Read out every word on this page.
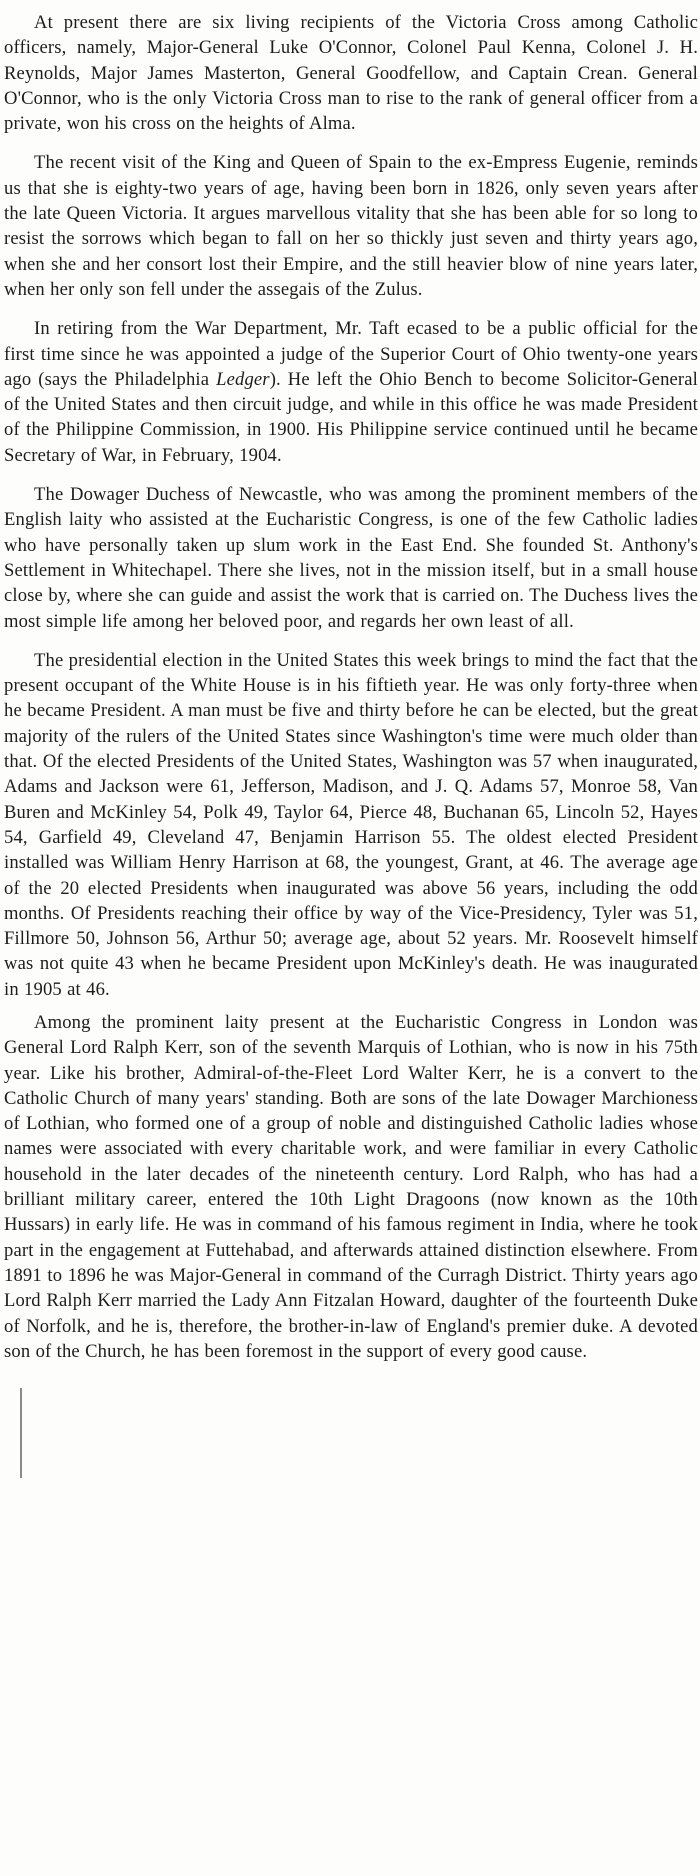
At present there are six living recipients of the Victoria Cross among Catholic officers, namely, Major-General Luke O'Connor, Colonel Paul Kenna, Colonel J. H. Reynolds, Major James Masterton, General Goodfellow, and Captain Crean. General O'Connor, who is the only Victoria Cross man to rise to the rank of general officer from a private, won his cross on the heights of Alma.

The recent visit of the King and Queen of Spain to the ex-Empress Eugenie, reminds us that she is eighty-two years of age, having been born in 1826, only seven years after the late Queen Victoria. It argues marvellous vitality that she has been able for so long to resist the sorrows which began to fall on her so thickly just seven and thirty years ago, when she and her consort lost their Empire, and the still heavier blow of nine years later, when her only son fell under the assegais of the Zulus.

In retiring from the War Department, Mr. Taft ecased to be a public official for the first time since he was appointed a judge of the Superior Court of Ohio twenty-one years ago (says the Philadelphia Ledger). He left the Ohio Bench to become Solicitor-General of the United States and then circuit judge, and while in this office he was made President of the Philippine Commission, in 1900. His Philippine service continued until he became Secretary of War, in February, 1904.

The Dowager Duchess of Newcastle, who was among the prominent members of the English laity who assisted at the Eucharistic Congress, is one of the few Catholic ladies who have personally taken up slum work in the East End. She founded St. Anthony's Settlement in Whitechapel. There she lives, not in the mission itself, but in a small house close by, where she can guide and assist the work that is carried on. The Duchess lives the most simple life among her beloved poor, and regards her own least of all.

The presidential election in the United States this week brings to mind the fact that the present occupant of the White House is in his fiftieth year. He was only forty-three when he became President. A man must be five and thirty before he can be elected, but the great majority of the rulers of the United States since Washington's time were much older than that. Of the elected Presidents of the United States, Washington was 57 when inaugurated, Adams and Jackson were 61, Jefferson, Madison, and J. Q. Adams 57, Monroe 58, Van Buren and McKinley 54, Polk 49, Taylor 64, Pierce 48, Buchanan 65, Lincoln 52, Hayes 54, Garfield 49, Cleveland 47, Benjamin Harrison 55. The oldest elected President installed was William Henry Harrison at 68, the youngest, Grant, at 46. The average age of the 20 elected Presidents when inaugurated was above 56 years, including the odd months. Of Presidents reaching their office by way of the Vice-Presidency, Tyler was 51, Fillmore 50, Johnson 56, Arthur 50; average age, about 52 years. Mr. Roosevelt himself was not quite 43 when he became President upon McKinley's death. He was inaugurated in 1905 at 46.

Among the prominent laity present at the Eucharistic Congress in London was General Lord Ralph Kerr, son of the seventh Marquis of Lothian, who is now in his 75th year. Like his brother, Admiral-of-the-Fleet Lord Walter Kerr, he is a convert to the Catholic Church of many years' standing. Both are sons of the late Dowager Marchioness of Lothian, who formed one of a group of noble and distinguished Catholic ladies whose names were associated with every charitable work, and were familiar in every Catholic household in the later decades of the nineteenth century. Lord Ralph, who has had a brilliant military career, entered the 10th Light Dragoons (now known as the 10th Hussars) in early life. He was in command of his famous regiment in India, where he took part in the engagement at Futtehabad, and afterwards attained distinction elsewhere. From 1891 to 1896 he was Major-General in command of the Curragh District. Thirty years ago Lord Ralph Kerr married the Lady Ann Fitzalan Howard, daughter of the fourteenth Duke of Norfolk, and he is, therefore, the brother-in-law of England's premier duke. A devoted son of the Church, he has been foremost in the support of every good cause.
